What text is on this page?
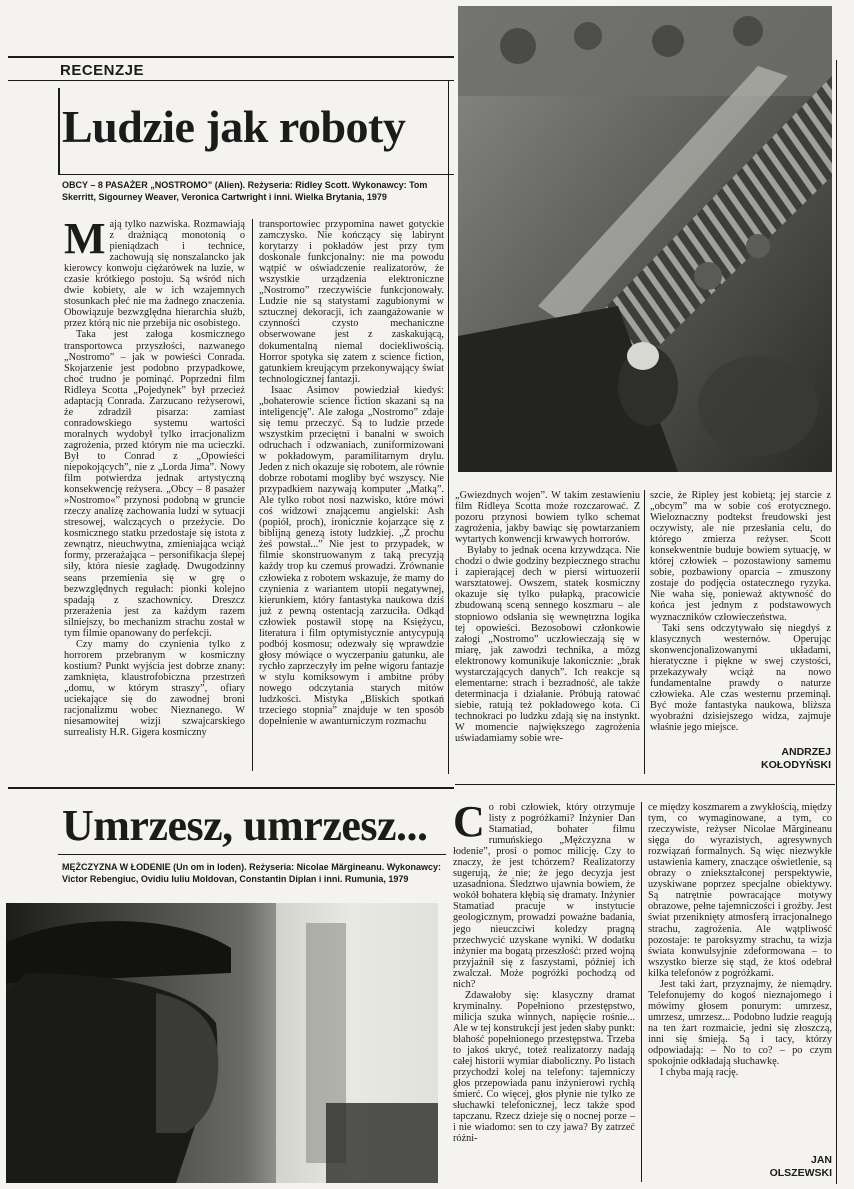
RECENZJE
Ludzie jak roboty
OBCY – 8 PASAŻER „NOSTROMO” (Alien). Reżyseria: Ridley Scott. Wykonawcy: Tom Skerritt, Sigourney Weaver, Veronica Cartwright i inni. Wielka Brytania, 1979
M ają tylko nazwiska. Rozmawiają z drażniącą monotonią o pieniądzach i technice, zachowują się nonszalancko jak kierowcy konwoju ciężarówek na luzie, w czasie krótkiego postoju. Są wśród nich dwie kobiety, ale w ich wzajemnych stosunkach płeć nie ma żadnego znaczenia. Obowiązuje bezwzględna hierarchia służb, przez którą nic nie przebija nic osobistego.

Taka jest załoga kosmicznego transportowca przyszłości, nazwanego „Nostromo” – jak w powieści Conrada. Skojarzenie jest podobno przypadkowe, choć trudno je pominąć. Poprzedni film Ridleya Scotta „Pojedynek” był przecież adaptacją Conrada. Zarzucano reżyserowi, że zdradził pisarza: zamiast conradowskiego systemu wartości moralnych wydobył tylko irracjonalizm zagrożenia, przed którym nie ma ucieczki. Był to Conrad z „Opowieści niepokojących”, nie z „Lorda Jima”. Nowy film potwierdza jednak artystyczną konsekwencję reżysera. „Obcy – 8 pasażer »Nostromo«” przynosi podobną w gruncie rzeczy analizę zachowania ludzi w sytuacji stresowej, walczących o przeżycie. Do kosmicznego statku przedostaje się istota z zewnątrz, nieuchwytna, zmieniająca wciąż formy, przerażająca – personifikacja ślepej siły, która niesie zagładę. Dwugodzinny seans przemienia się w grę o bezwzględnych regułach: pionki kolejno spadają z szachownicy. Dreszcz przerażenia jest za każdym razem silniejszy, bo mechanizm strachu został w tym filmie opanowany do perfekcji.

Czy mamy do czynienia tylko z horrorem przebranym w kosmiczny kostium? Punkt wyjścia jest dobrze znany: zamknięta, klaustrofobiczna przestrzeń „domu, w którym straszy”, ofiary uciekające się do zawodnej broni racjonalizmu wobec Nieznanego. W niesamowitej wizji szwajcarskiego surrealisty H.R. Gigera kosmiczny

transportowiec przypomina nawet gotyckie zamczysko. Nie kończący się labirynt korytarzy i pokładów jest przy tym doskonale funkcjonalny: nie ma powodu wątpić w oświadczenie realizatorów, że wszystkie urządzenia elektroniczne „Nostromo” rzeczywiście funkcjonowały. Ludzie nie są statystami zagubionymi w sztucznej dekoracji, ich zaangażowanie w czynności czysto mechaniczne obserwowane jest z zaskakującą, dokumentalną niemal dociekliwością. Horror spotyka się zatem z science fiction, gatunkiem kreującym przekonywający świat technologicznej fantazji.

Isaac Asimov powiedział kiedyś: „bohaterowie science fiction skazani są na inteligencję”. Ale załoga „Nostromo” zdaje się temu przeczyć. Są to ludzie przede wszystkim przeciętni i banalni w swoich odruchach i odzwaniach, zuniformizowani w pokładowym, paramilitarnym drylu. Jeden z nich okazuje się robotem, ale równie dobrze robotami mogliby być wszyscy. Nie przypadkiem nazywają komputer „Matką”. Ale tylko robot nosi nazwisko, które mówi coś widzowi znającemu angielski: Ash (popiół, proch), ironicznie kojarzące się z biblijną genezą istoty ludzkiej. „Z prochu żeś powstał...” Nie jest to przypadek, w filmie skonstruowanym z taką precyzją każdy trop ku czemuś prowadzi. Zrównanie człowieka z robotem wskazuje, że mamy do czynienia z wariantem utopii negatywnej, kierunkiem, który fantastyka naukowa dziś już z pewną ostentacją zarzuciła. Odkąd człowiek postawił stopę na Księżycu, literatura i film optymistycznie antycypują podbój kosmosu; odezwały się wprawdzie głosy mówiące o wyczerpaniu gatunku, ale rychło zaprzeczyły im pełne wigoru fantazje w stylu komiksowym i ambitne próby nowego odczytania starych mitów ludzkości. Mistyka „Bliskich spotkań trzeciego stopnia” znajduje w ten sposób dopełnienie w awanturniczym rozmachu

„Gwiezdnych wojen”. W takim zestawieniu film Ridleya Scotta może rozczarować. Z pozoru przynosi bowiem tylko schemat zagrożenia, jakby bawiąc się powtarzaniem wytartych konwencji krwawych horrorów.

Byłaby to jednak ocena krzywdząca. Nie chodzi o dwie godziny bezpiecznego strachu i zapierającej dech w piersi wirtuozerii warsztatowej. Owszem, statek kosmiczny okazuje się tylko pułapką, pracowicie zbudowaną sceną sennego koszmaru – ale stopniowo odsłania się wewnętrzna logika tej opowieści. Bezosobowi członkowie załogi „Nostromo” uczłowieczają się w miarę, jak zawodzi technika, a mózg elektronowy komunikuje lakonicznie: „brak wystarczających danych”. Ich reakcje są elementarne: strach i bezradność, ale także determinacja i działanie. Próbują ratować siebie, ratują też pokładowego kota. Ci technokraci po ludzku zdają się na instynkt. W momencie największego zagrożenia uświadamiamy sobie wre-

szcie, że Ripley jest kobietą; jej starcie z „obcym” ma w sobie coś erotycznego. Wieloznaczny podtekst freudowski jest oczywisty, ale nie przesłania celu, do którego zmierza reżyser. Scott konsekwentnie buduje bowiem sytuację, w której człowiek – pozostawiony samemu sobie, pozbawiony oparcia – zmuszony zostaje do podjęcia ostatecznego ryzyka. Nie waha się, ponieważ aktywność do końca jest jednym z podstawowych wyznaczników człowieczeństwa.

Taki sens odczytywało się niegdyś z klasycznych westernów. Operując skonwencjonalizowanymi układami, hieratyczne i piękne w swej czystości, przekazywały wciąż na nowo fundamentalne prawdy o naturze człowieka. Ale czas westernu przeminął. Być może fantastyka naukowa, bliższa wyobraźni dzisiejszego widza, zajmuje właśnie jego miejsce.

ANDRZEJ
KOŁODYŃSKI
Umrzesz, umrzesz...
MĘŻCZYZNA W ŁODENIE (Un om in loden). Reżyseria: Nicolae Mărgineanu. Wykonawcy: Victor Rebengiuc, Ovidiu Iuliu Moldovan, Constantin Diplan i inni. Rumunia, 1979
C o robi człowiek, który otrzymuje listy z pogróżkami? Inżynier Dan Stamatiad, bohater filmu rumuńskiego „Mężczyzna w łodenie”, prosi o pomoc milicję. Czy to znaczy, że jest tchórzem? Realizatorzy sugerują, że nie; że jego decyzja jest uzasadniona. Śledztwo ujawnia bowiem, że wokół bohatera kłębią się dramaty. Inżynier Stamatiad pracuje w instytucie geologicznym, prowadzi poważne badania, jego nieuczciwi koledzy pragną przechwycić uzyskane wyniki. W dodatku inżynier ma bogatą przeszłość: przed wojną przyjaźnił się z faszystami, później ich zwalczał. Może pogróżki pochodzą od nich?

Zdawałoby się: klasyczny dramat kryminalny. Popełniono przestępstwo, milicja szuka winnych, napięcie rośnie... Ale w tej konstrukcji jest jeden słaby punkt: błahość popełnionego przestępstwa. Trzeba to jakoś ukryć, toteż realizatorzy nadają całej historii wymiar diaboliczny. Po listach przychodzi kolej na telefony: tajemniczy głos przepowiada panu inżynierowi rychłą śmierć. Co więcej, głos płynie nie tylko ze słuchawki telefonicznej, lecz także spod tapczanu. Rzecz dzieje się o nocnej porze – i nie wiadomo: sen to czy jawa? By zatrzeć różni-

ce między koszmarem a zwykłością, między tym, co wymaginowane, a tym, co rzeczywiste, reżyser Nicolae Mărgineanu sięga do wyrazistych, agresywnych rozwiązań formalnych. Są więc niezwykłe ustawienia kamery, znaczące oświetlenie, są obrazy o zniekształconej perspektywie, uzyskiwane poprzez specjalne obiektywy. Są natrętnie powracające motywy obrazowe, pełne tajemniczości i groźby. Jest świat przeniknięty atmosferą irracjonalnego strachu, zagrożenia. Ale wątpliwość pozostaje: te paroksyzmy strachu, ta wizja świata konwulsyjnie zdeformowana – to wszystko bierze się stąd, że ktoś odebrał kilka telefonów z pogróżkami.

Jest taki żart, przyznajmy, że niemądry. Telefonujemy do kogoś nieznajomego i mówimy głosem ponurym: umrzesz, umrzesz, umrzesz... Podobno ludzie reagują na ten żart rozmaicie, jedni się złoszczą, inni się śmieją. Są i tacy, którzy odpowiadają: – No to co? – po czym spokojnie odkładają słuchawkę.

I chyba mają rację.

JAN
OLSZEWSKI
